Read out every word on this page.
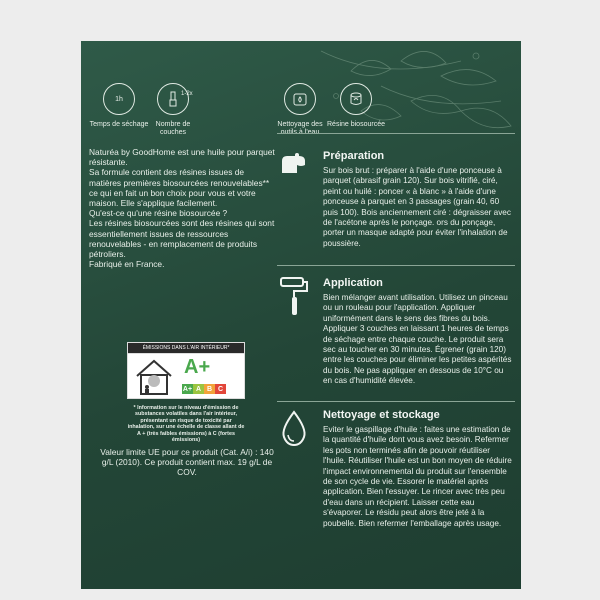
1h
Temps de séchage
1-2x
Nombre de couches
Nettoyage des Résine biosourcée

Naturéa by GoodHome est une huile pour parquet résistante.

Sa formule contient des résines issues de matières premières biosourcées renouvelables** ce qui en fait un bon choix pour vous et votre maison. Elle s'applique facilement.

Qu'est-ce qu'une résine biosourcée ?

Les résines biosourcées sont des résines qui sont essentiellement issues de ressources renouvelables - en remplacement de produits pétroliers.

Fabriqué en France.

ÉMISSIONS DANS L'AIR INTÉRIEUR*
A+
A+ A B C
* Information sur le niveau d'émission de substances volatiles dans l'air intérieur, présentant un risque de toxicité par inhalation, sur une échelle de classe allant de A + (très faibles émissions) à C (fortes émissions)
Valeur limite UE pour ce produit (Cat. A/i) : 140 g/L (2010). Ce produit contient max. 19 g/L de COV.
Préparation

Sur bois brut : préparer à l'aide d'une ponceuse à parquet (abrasif grain 120). Sur bois vitrifié, ciré, peint ou huilé : poncer « à blanc » à l'aide d'une ponceuse à parquet en 3 passages (grain 40, 60 puis 100). Bois anciennement ciré : dégraisser avec de l'acétone après le ponçage. ors du ponçage, porter un masque adapté pour éviter l'inhalation de poussière.

Application

Bien mélanger avant utilisation. Utilisez un pinceau ou un rouleau pour l'application. Appliquer uniformément dans le sens des fibres du bois. Appliquer 3 couches en laissant 1 heures de temps de séchage entre chaque couche. Le produit sera sec au toucher en 30 minutes. Égrener (grain 120) entre les couches pour éliminer les petites aspérités du bois. Ne pas appliquer en dessous de 10°C ou en cas d'humidité élevée.

Nettoyage et stockage

Eviter le gaspillage d'huile : faites une estimation de la quantité d'huile dont vous avez besoin. Refermer les pots non terminés afin de pouvoir réutiliser l'huile. Réutiliser l'huile est un bon moyen de réduire l'impact environnemental du produit sur l'ensemble de son cycle de vie. Essorer le matériel après application. Bien l'essuyer. Le rincer avec très peu d'eau dans un récipient. Laisser cette eau s'évaporer. Le résidu peut alors être jeté à la poubelle. Bien refermer l'emballage après usage.
